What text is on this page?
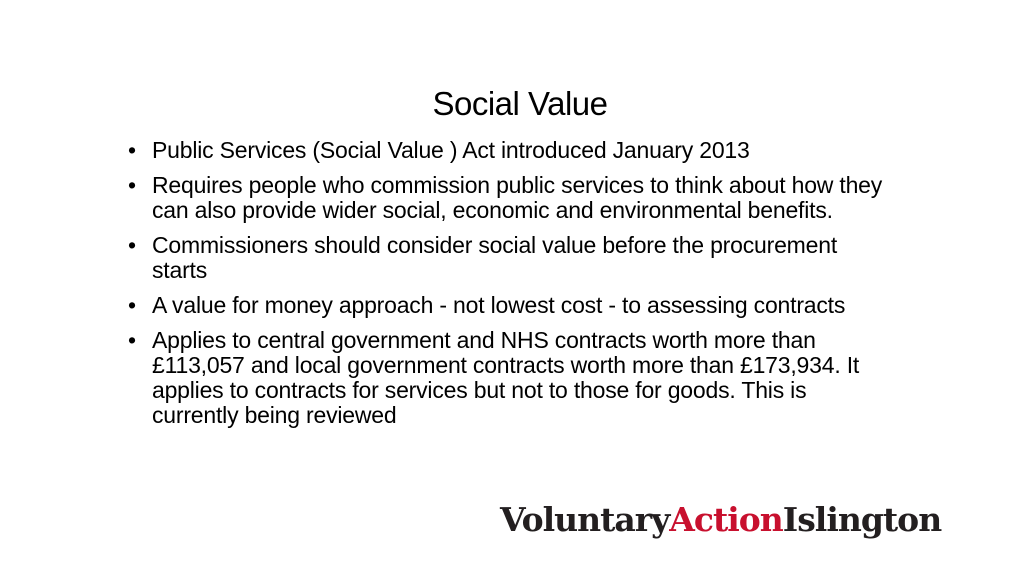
Social Value
• Public Services (Social Value ) Act introduced January 2013
• Requires people who commission public services to think about how they can also provide wider social, economic and environmental benefits.
• Commissioners should consider social value before the procurement starts
• A value for money approach - not lowest cost - to assessing contracts
• Applies to central government and NHS contracts worth more than £113,057 and local government contracts worth more than £173,934. It applies to contracts for services but not to those for goods. This is currently being reviewed
VoluntaryActionIslington
